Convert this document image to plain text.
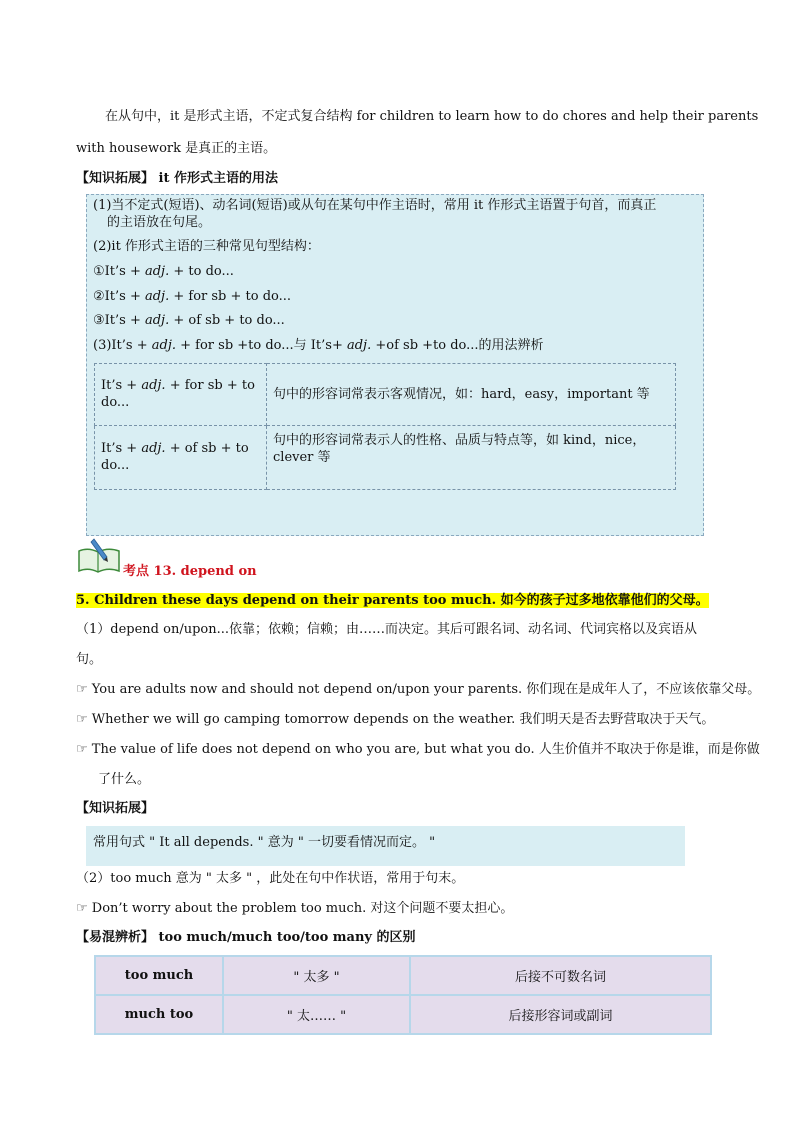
在从句中，it 是形式主语，不定式复合结构 for children to learn how to do chores and help their parents
with housework 是真正的主语。
【知识拓展】 it 作形式主语的用法
(1)当不定式(短语)、动名词(短语)或从句在某句中作主语时，常用 it 作形式主语置于句首，而真正
的主语放在句尾。
(2)it 作形式主语的三种常见句型结构：
①It’s + adj. + to do...
②It’s + adj. + for sb + to do...
③It’s + adj. + of sb + to do...
(3)It’s + adj. + for sb +to do...与 It’s+ adj. +of sb +to do...的用法辨析
It’s + adj. + for sb + to do...	句中的形容词常表示客观情况，如：hard，easy，important 等
It’s + adj. + of sb + to do...	句中的形容词常表示人的性格、品质与特点等，如 kind，nice，clever 等
考点 13. depend on
5. Children these days depend on their parents too much. 如今的孩子过多地依靠他们的父母。
（1）depend on/upon...依靠；依赖；信赖；由……而决定。其后可跟名词、动名词、代词宾格以及宾语从
句。
☞ You are adults now and should not depend on/upon your parents. 你们现在是成年人了，不应该依靠父母。
☞ Whether we will go camping tomorrow depends on the weather. 我们明天是否去野营取决于天气。
☞ The value of life does not depend on who you are, but what you do. 人生价值并不取决于你是谁，而是你做
了什么。
【知识拓展】
常用句式 " It all depends. " 意为 " 一切要看情况而定。 "
（2）too much 意为 " 太多 " ，此处在句中作状语，常用于句末。
☞ Don’t worry about the problem too much. 对这个问题不要太担心。
【易混辨析】 too much/much too/too many 的区别
too much	" 太多 "	后接不可数名词
much too	" 太…… "	后接形容词或副词
